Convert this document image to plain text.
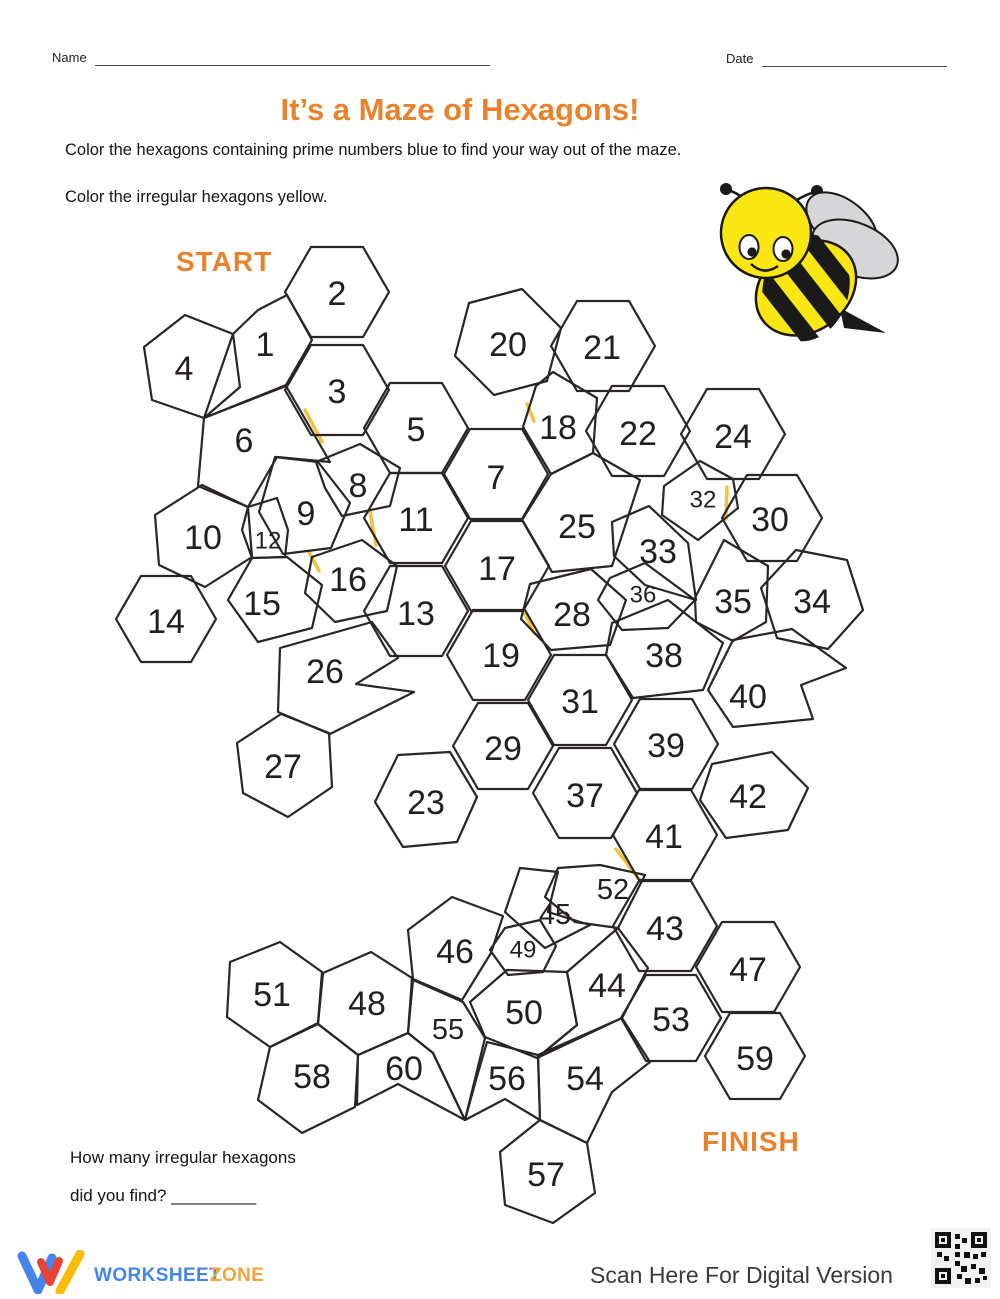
Name	Date
It’s a Maze of Hexagons!
Color the hexagons containing prime numbers blue to find your way out of the maze.
Color the irregular hexagons yellow.
START
FINISH
1
2
3
4
5
6
7
8
9
10	11
12
13
14 15
16	17
18
19
20 21
22
23
24
25
26
27
28
29
30
31
32
33
34
35
36
37
38
39
40
41
42
43
44
45
46	47
48
49
50
51
52
53
54
55
56
57
58	59
60
How many irregular hexagons
did you find? _________
WORKSHEET
ZONE	Scan Here For Digital Version
